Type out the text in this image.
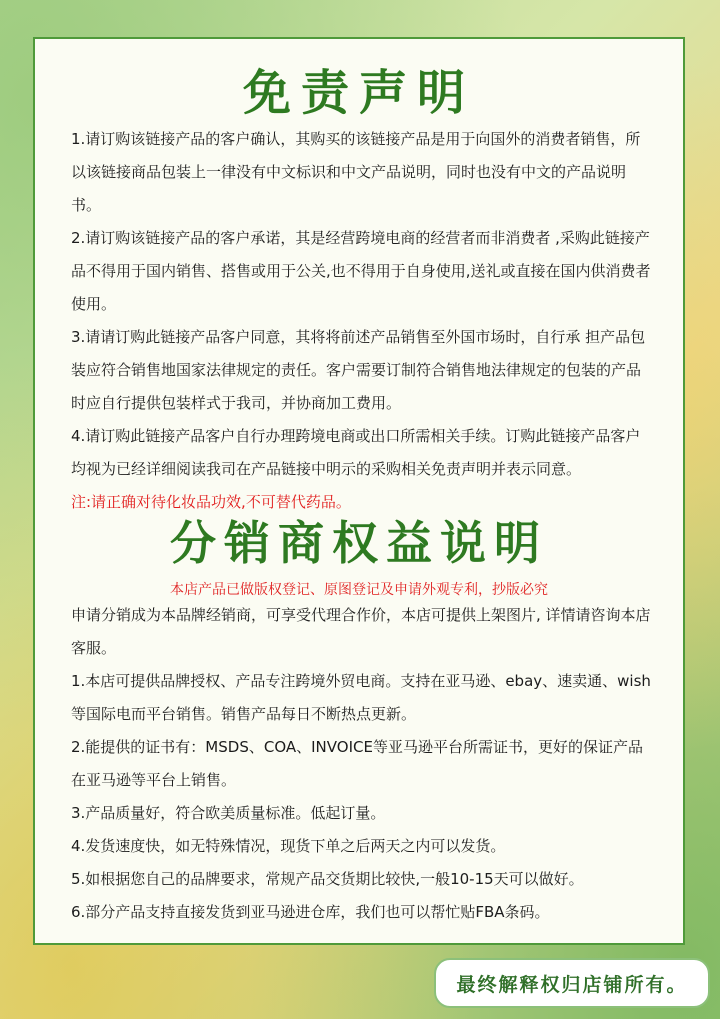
免责声明

1.请订购该链接产品的客户确认，其购买的该链接产品是用于向国外的消费者销售，所以该链接商品包装上一律没有中文标识和中文产品说明，同时也没有中文的产品说明书。

2.请订购该链接产品的客户承诺，其是经营跨境电商的经营者而非消费者 ,采购此链接产品不得用于国内销售、搭售或用于公关,也不得用于自身使用,送礼或直接在国内供消费者使用。

3.请请订购此链接产品客户同意，其将将前述产品销售至外国市场时，自行承 担产品包装应符合销售地国家法律规定的责任。客户需要订制符合销售地法律规定的包装的产品时应自行提供包装样式于我司，并协商加工费用。

4.请订购此链接产品客户自行办理跨境电商或出口所需相关手续。订购此链接产品客户均视为已经详细阅读我司在产品链接中明示的采购相关免责声明并表示同意。

注:请正确对待化妆品功效,不可替代药品。

分销商权益说明
本店产品已做版权登记、原图登记及申请外观专利，抄版必究

申请分销成为本品牌经销商，可享受代理合作价，本店可提供上架图片, 详情请咨询本店客服。

1.本店可提供品牌授权、产品专注跨境外贸电商。支持在亚马逊、ebay、速卖通、wish等国际电而平台销售。销售产品每日不断热点更新。

2.能提供的证书有：MSDS、COA、INVOICE等亚马逊平台所需证书，更好的保证产品在亚马逊等平台上销售。

3.产品质量好，符合欧美质量标准。低起订量。

4.发货速度快，如无特殊情况，现货下单之后两天之内可以发货。

5.如根据您自己的品牌要求，常规产品交货期比较快,一般10-15天可以做好。

6.部分产品支持直接发货到亚马逊进仓库，我们也可以帮忙贴FBA条码。

最终解释权归店铺所有。
